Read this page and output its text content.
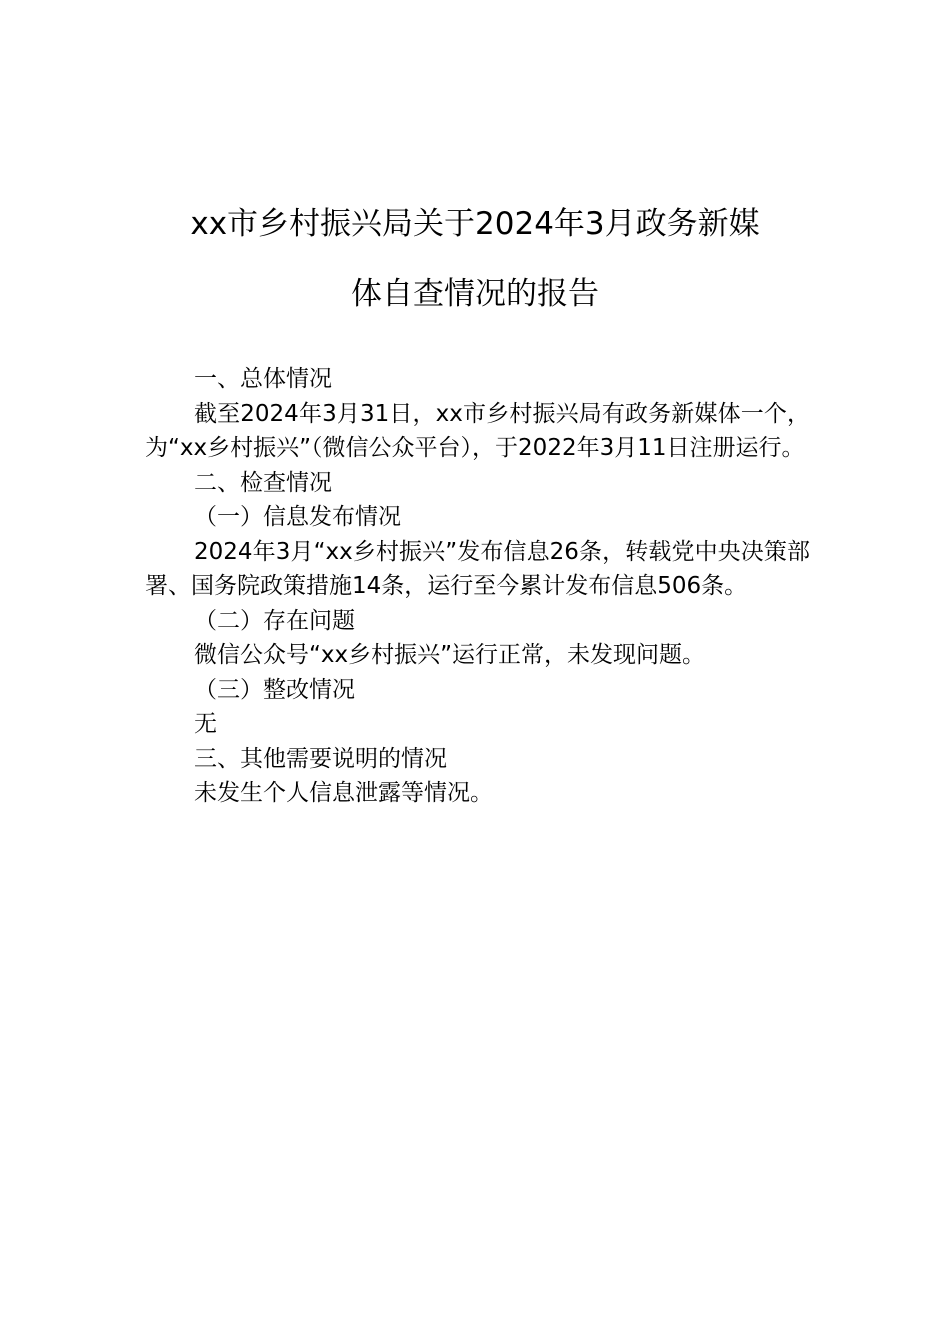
xx市乡村振兴局关于2024年3月政务新媒
体自查情况的报告

一、总体情况

截至2024年3月31日，xx市乡村振兴局有政务新媒体一个，为“xx乡村振兴”（微信公众平台），于2022年3月11日注册运行。

二、检查情况

（一）信息发布情况

2024年3月“xx乡村振兴”发布信息26条，转载党中央决策部署、国务院政策措施14条，运行至今累计发布信息506条。

（二）存在问题

微信公众号“xx乡村振兴”运行正常，未发现问题。

（三）整改情况

无

三、其他需要说明的情况

未发生个人信息泄露等情况。
